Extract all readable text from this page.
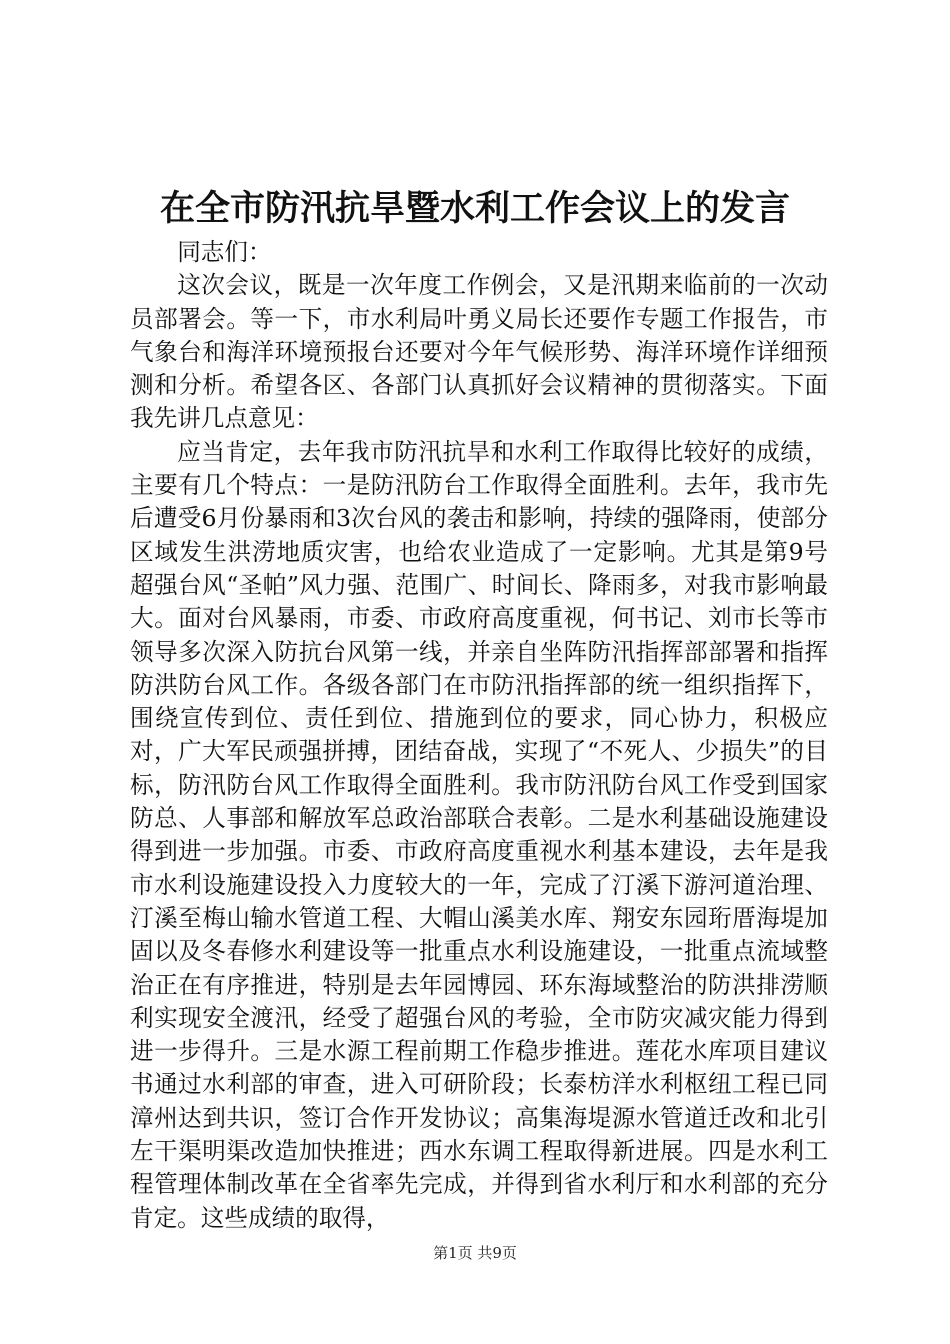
在全市防汛抗旱暨水利工作会议上的发言

同志们：

这次会议，既是一次年度工作例会，又是汛期来临前的一次动员部署会。等一下，市水利局叶勇义局长还要作专题工作报告，市气象台和海洋环境预报台还要对今年气候形势、海洋环境作详细预测和分析。希望各区、各部门认真抓好会议精神的贯彻落实。下面我先讲几点意见：

应当肯定，去年我市防汛抗旱和水利工作取得比较好的成绩，主要有几个特点：一是防汛防台工作取得全面胜利。去年，我市先后遭受6月份暴雨和3次台风的袭击和影响，持续的强降雨，使部分区域发生洪涝地质灾害，也给农业造成了一定影响。尤其是第9号超强台风“圣帕”风力强、范围广、时间长、降雨多，对我市影响最大。面对台风暴雨，市委、市政府高度重视，何书记、刘市长等市领导多次深入防抗台风第一线，并亲自坐阵防汛指挥部部署和指挥防洪防台风工作。各级各部门在市防汛指挥部的统一组织指挥下，围绕宣传到位、责任到位、措施到位的要求，同心协力，积极应对，广大军民顽强拼搏，团结奋战，实现了“不死人、少损失”的目标，防汛防台风工作取得全面胜利。我市防汛防台风工作受到国家防总、人事部和解放军总政治部联合表彰。二是水利基础设施建设得到进一步加强。市委、市政府高度重视水利基本建设，去年是我市水利设施建设投入力度较大的一年，完成了汀溪下游河道治理、汀溪至梅山输水管道工程、大帽山溪美水库、翔安东园珩厝海堤加固以及冬春修水利建设等一批重点水利设施建设，一批重点流域整治正在有序推进，特别是去年园博园、环东海域整治的防洪排涝顺利实现安全渡汛，经受了超强台风的考验，全市防灾减灾能力得到进一步得升。三是水源工程前期工作稳步推进。莲花水库项目建议书通过水利部的审查，进入可研阶段；长泰枋洋水利枢纽工程已同漳州达到共识，签订合作开发协议；高集海堤源水管道迁改和北引左干渠明渠改造加快推进；西水东调工程取得新进展。四是水利工程管理体制改革在全省率先完成，并得到省水利厅和水利部的充分肯定。这些成绩的取得，

第1页 共9页
